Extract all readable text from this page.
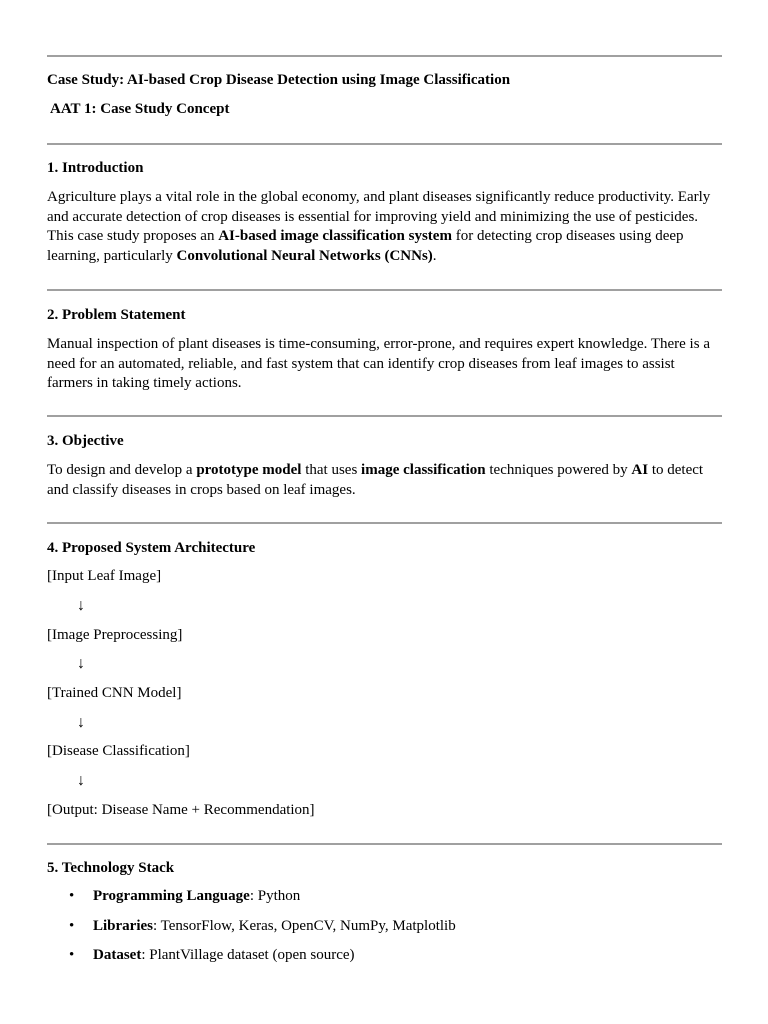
Case Study: AI-based Crop Disease Detection using Image Classification
AAT 1: Case Study Concept
1. Introduction
Agriculture plays a vital role in the global economy, and plant diseases significantly reduce productivity. Early and accurate detection of crop diseases is essential for improving yield and minimizing the use of pesticides. This case study proposes an AI-based image classification system for detecting crop diseases using deep learning, particularly Convolutional Neural Networks (CNNs).
2. Problem Statement
Manual inspection of plant diseases is time-consuming, error-prone, and requires expert knowledge. There is a need for an automated, reliable, and fast system that can identify crop diseases from leaf images to assist farmers in taking timely actions.
3. Objective
To design and develop a prototype model that uses image classification techniques powered by AI to detect and classify diseases in crops based on leaf images.
4. Proposed System Architecture
[Input Leaf Image]
↓
[Image Preprocessing]
↓
[Trained CNN Model]
↓
[Disease Classification]
↓
[Output: Disease Name + Recommendation]
5. Technology Stack
• Programming Language: Python
• Libraries: TensorFlow, Keras, OpenCV, NumPy, Matplotlib
• Dataset: PlantVillage dataset (open source)
